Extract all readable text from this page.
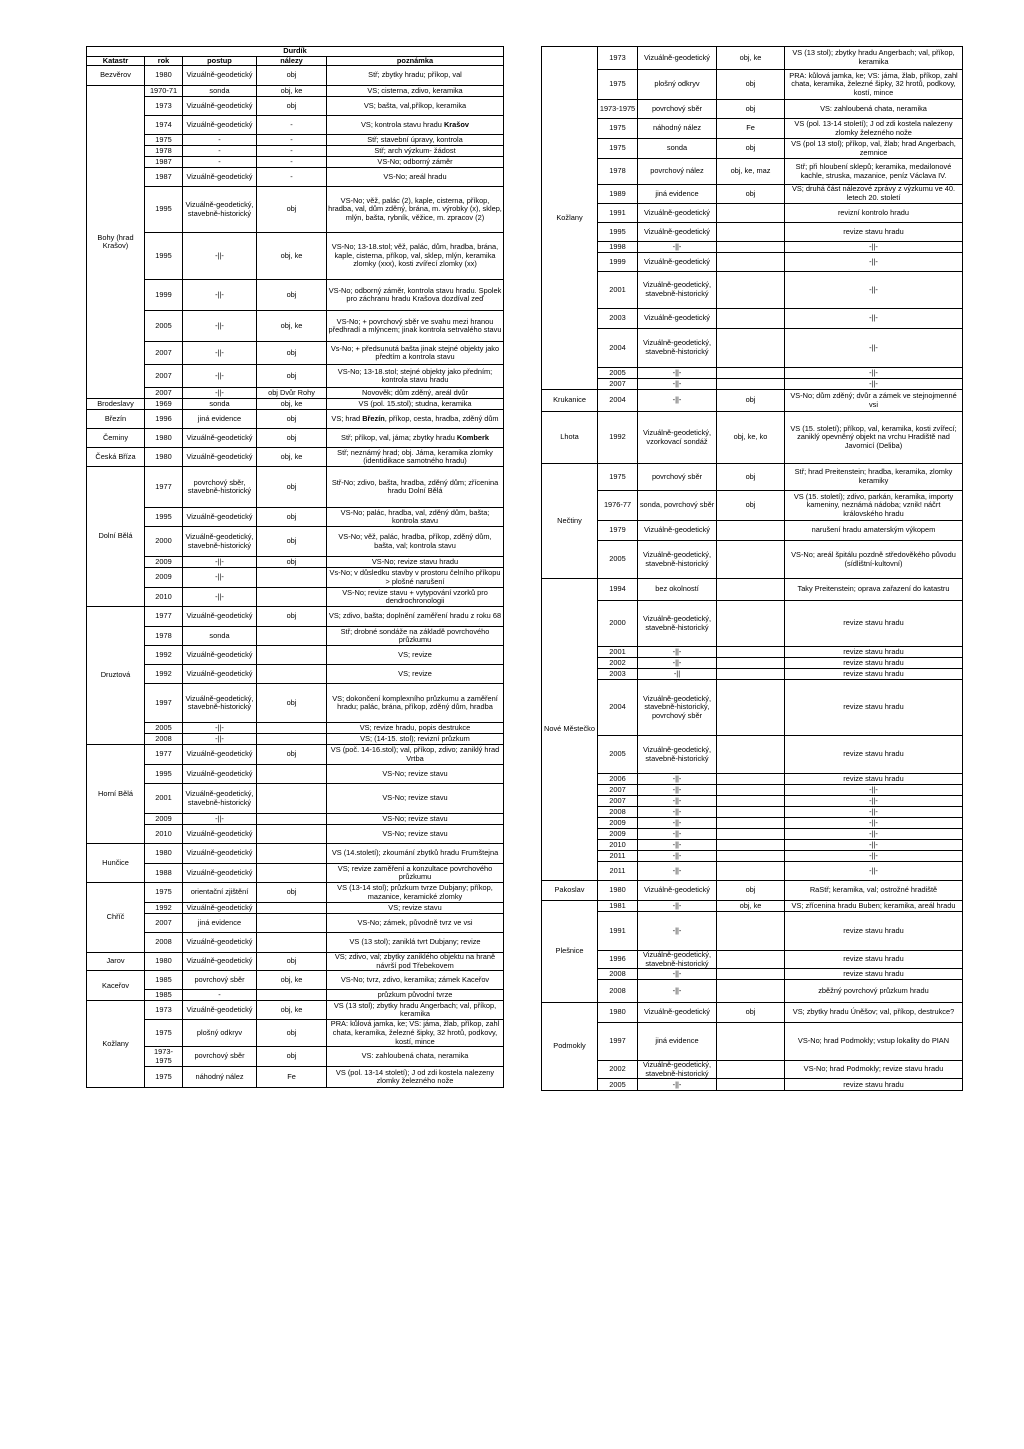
Durdík				
Katastr	rok	postup	nálezy	poznámka
Bezvěrov	1980	Vizuálně-geodetický	obj	Stř; zbytky hradu; příkop, val
Bohy (hrad Krašov)	1970-71	sonda	obj, ke	VS; cisterna, zdivo, keramika
	1973	Vizuálně-geodetický	obj	VS; bašta, val,příkop, keramika
	1974	Vizuálně-geodetický	-	VS; kontrola stavu hradu Krašov
	1975	-	-	Stř; stavební úpravy, kontrola
	1978	-	-	Stř; arch výzkum- žádost
	1987	-	-	VS-No; odborný záměr
	1987	Vizuálně-geodetický	-	VS-No; areál hradu
	1995	Vizuálně-geodetický, stavebně-historický	obj	VS-No; věž, palác (2), kaple, cisterna, příkop, hradba, val, dům zděný, brána, m. výrobky (x), sklep, mlýn, bašta, rybník, věžice, m. zpracov (2)
	1995	-||-	obj, ke	VS-No; 13-18.stol; věž, palác, dům, hradba, brána, kaple, cisterna, příkop, val, sklep, mlýn, keramika zlomky (xxx), kosti zvířecí zlomky (xx)
	1999	-||-	obj	VS-No; odborný záměr, kontrola stavu hradu. Spolek pro záchranu hradu Krašova dozdíval zeď
	2005	-||-	obj, ke	VS-No; + povrchový sběr ve svahu mezi hranou předhradí a mlýncem; jinak kontrola setrvalého stavu
	2007	-||-	obj	Vs-No; + předsunutá bašta jinak stejné objekty jako předtím a kontrola stavu
	2007	-||-	obj	VS-No; 13-18.stol; stejné objekty jako předním; kontrola stavu hradu
	2007	-||-	obj Dvůr Rohy	Novověk; dům zděný, areál dvůr
Brodeslavy	1969	sonda	obj, ke	VS (pol. 15.stol); studna, keramika
Březín	1996	jiná evidence	obj	VS; hrad Březín, příkop, cesta, hradba, zděný dům
Čeminy	1980	Vizuálně-geodetický	obj	Stř; příkop, val, jáma; zbytky hradu Komberk
Česká Bříza	1980	Vizuálně-geodetický	obj, ke	Stř; neznámý hrad; obj. Jáma, keramika zlomky (identidikace samotného hradu)
Dolní Bělá	1977	povrchový sběr, stavebně-historický	obj	Stř-No; zdivo, bašta, hradba, zděný dům; zřícenina hradu Dolní Bělá
	1995	Vizuálně-geodetický	obj	VS-No; palác, hradba, val, zděný dům, bašta; kontrola stavu
	2000	Vizuálně-geodetický, stavebně-historický	obj	VS-No; věž, palác, hradba, příkop, zděný dům, bašta, val; kontrola stavu
	2009	-||-	obj	VS-No; revize stavu hradu
	2009	-||-		Vs-No; v důsledku stavby v prostoru čelního příkopu > plošné narušení
	2010	-||-		VS-No; revize stavu + vytypování vzorků pro dendrochronologii
Druztová	1977	Vizuálně-geodetický	obj	VS; zdivo, bašta; doplnění zaměření hradu z roku 68
	1978	sonda		Stř; drobné sondáže na základě povrchového průzkumu
	1992	Vizuálně-geodetický		VS; revize
	1992	Vizuálně-geodetický		VS; revize
	1997	Vizuálně-geodetický, stavebně-historický	obj	VS; dokončení komplexního průzkumu a zaměření hradu; palác, brána, příkop, zděný dům, hradba
	2005	-||-		VS; revize hradu, popis destrukce
	2008	-||-		VS; (14-15. stol); revizní průzkum
Horní Bělá	1977	Vizuálně-geodetický	obj	VS (poč. 14-16.stol); val, příkop, zdivo; zaniklý hrad Vrtba
	1995	Vizuálně-geodetický		VS-No; revize stavu
	2001	Vizuálně-geodetický, stavebně-historický		VS-No; revize stavu
	2009	-||-		VS-No; revize stavu
	2010	Vizuálně-geodetický		VS-No; revize stavu
Hunčice	1980	Vizuálně-geodetický		VS (14.století); zkoumání zbytků hradu Frumštejna
	1988	Vizuálně-geodetický		VS; revize zaměření a konzultace povrchového průzkumu
Chříč	1975	orientační zjištění	obj	VS (13-14 stol); průzkum tvrze Dubjany; příkop, mazanice, keramické zlomky
	1992	Vizuálně-geodetický		VS; revize stavu
	2007	jiná evidence		VS-No; zámek, původně tvrz ve vsi
	2008	Vizuálně-geodetický		VS (13 stol); zaniklá tvrt Dubjany; revize
Jarov	1980	Vizuálně-geodetický	obj	VS; zdivo, val; zbytky zaniklého objektu na hraně návrší pod Třebekovem
Kaceřov	1985	povrchový sběr	obj, ke	VS-No; tvrz, zdivo, keramika; zámek Kaceřov
	1985	-		průzkum původní tvrze
Kožlany	1973	Vizuálně-geodetický	obj, ke	VS (13 stol); zbytky hradu Angerbach; val, příkop, keramika
	1975	plošný odkryv	obj	PRA: kůlová jamka, ke; VS: jáma, žlab, příkop, zahl chata, keramika, železné šipky, 32 hrotů, podkovy, kostí, mince
	1973-1975	povrchový sběr	obj	VS: zahloubená chata, neramika
	1975	náhodný nález	Fe	VS (pol. 13-14 století); J od zdi kostela nalezeny zlomky železného nože
Kožlany	1973	Vizuálně-geodetický	obj, ke	VS (13 stol); zbytky hradu Angerbach; val, příkop, keramika
	1975	plošný odkryv	obj	PRA: kůlová jamka, ke; VS: jáma, žlab, příkop, zahl chata, keramika, železné šipky, 32 hrotů, podkovy, kostí, mince
	1973-1975	povrchový sběr	obj	VS: zahloubená chata, neramika
	1975	náhodný nález	Fe	VS (pol. 13-14 století); J od zdi kostela nalezeny zlomky železného nože
	1975	sonda	obj	VS (pol 13 stol); příkop, val, žlab; hrad Angerbach, zemnice
	1978	povrchový nález	obj, ke, maz	Stř; při hloubení sklepů; keramika, medailonové kachle, struska, mazanice, peníz Václava IV.
	1989	jiná evidence	obj	VS; druhá část nálezové zprávy z výzkumu ve 40. letech 20. století
	1991	Vizuálně-geodetický		revizní kontrolo hradu
	1995	Vizuálně-geodetický		revize stavu hradu
	1998	-||-		-||-
	1999	Vizuálně-geodetický		-||-
	2001	Vizuálně-geodetický, stavebně-historický		-||-
	2003	Vizuálně-geodetický		-||-
	2004	Vizuálně-geodetický, stavebně-historický		-||-
	2005	-||-		-||-
	2007	-||-		-||-
Krukanice	2004	-||-	obj	VS-No; dům zděný; dvůr a zámek ve stejnojmenné vsi
Lhota	1992	Vizuálně-geodetický, vzorkovací sondáž	obj, ke, ko	VS (15. století); příkop, val, keramika, kosti zvířecí; zaniklý opevněný objekt na vrchu Hradiště nad Javornicí (Deliba)
Nečtiny	1975	povrchový sběr	obj	Stř; hrad Preitenstein; hradba, keramika, zlomky keramiky
	1976-77	sonda, povrchový sběr	obj	VS (15. století); zdivo, parkán, keramika, importy kameniny, neznámá nádoba; vznik! náčrt královského hradu
	1979	Vizuálně-geodetický		narušení hradu amaterským výkopem
	2005	Vizuálně-geodetický, stavebně-historický		VS-No; areál špitálu pozdně středověkého původu (sídlištní-kultovní)
Nové Městečko	1994	bez okolností		Taky Preitenstein; oprava zařazení do katastru
	2000	Vizuálně-geodetický, stavebně-historický		revize stavu hradu
	2001	-||-		revize stavu hradu
	2002	-||-		revize stavu hradu
	2003	-||		revize stavu hradu
	2004	Vizuálně-geodetický, stavebně-historický, povrchový sběr		revize stavu hradu
	2005	Vizuálně-geodetický, stavebně-historický		revize stavu hradu
	2006	-||-		revize stavu hradu
	2007	-||-		-||-
	2007	-||-		-||-
	2008	-||-		-||-
	2009	-||-		-||-
	2009	-||-		-||-
	2010	-||-		-||-
	2011	-||-		-||-
	2011	-||-		-||-
Pakoslav	1980	Vizuálně-geodetický	obj	RaStř; keramika, val; ostrožné hradiště
Plešnice	1981	-||-	obj, ke	VS; zřícenina hradu Buben; keramika, areál hradu
	1991	-||-		revize stavu hradu
	1996	Vizuálně-geodetický, stavebně-historický		revize stavu hradu
	2008	-||-		revize stavu hradu
	2008	-||-		zběžný povrchový průzkum hradu
Podmokly	1980	Vizuálně-geodetický	obj	VS; zbytky hradu Úněšov; val, příkop, destrukce?
	1997	jiná evidence		VS-No; hrad Podmokly; vstup lokality do PIAN
	2002	Vizuálně-geodetický, stavebně-historický		VS-No; hrad Podmokly; revize stavu hradu
	2005	-||-		revize stavu hradu
